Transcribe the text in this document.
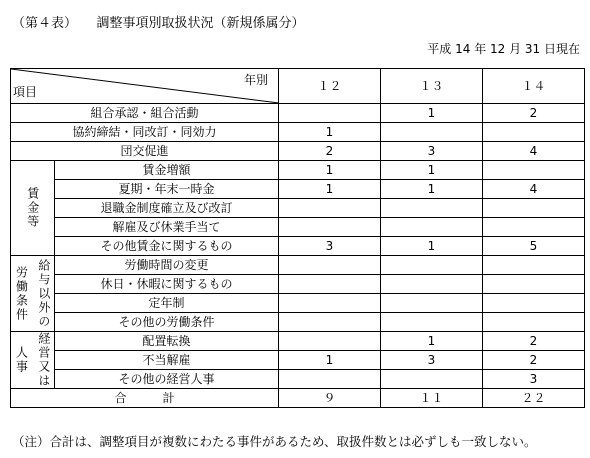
（第４表）　　調整事項別取扱状況（新規係属分）
平成 14 年 12 月 31 日現在
年別
項目		１２	１３	１４
組合承認・組合活動			1	2
協約締結・同改訂・同効力		1		
団交促進		2	3	4

賃金等	賃金増額	1	1	
	夏期・年末一時金	1	1	4
	退職金制度確立及び改訂			
	解雇及び休業手当て			
	その他賃金に関するもの	3	1	5

労働条件 給与以外の	労働時間の変更			
	休日・休暇に関するもの			
	定年制			
	その他の労働条件			

人事 経営又は	配置転換		1	2
	不当解雇	1	3	2
	その他の経営人事			3
合　　　計		９	１１	２２
（注）合計は、調整項目が複数にわたる事件があるため、取扱件数とは必ずしも一致しない。
